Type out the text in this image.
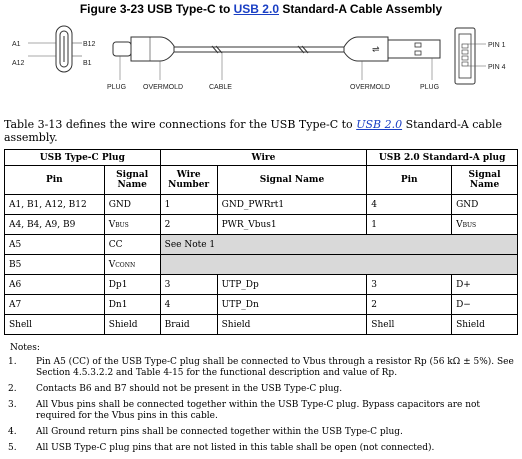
Figure 3-23 USB Type-C to USB 2.0 Standard-A Cable Assembly
A1
A12
B12
B1
⇌	PIN 1
PIN 4
PLUG OVERMOLD	CABLE	OVERMOLD	PLUG
Table 3-13 defines the wire connections for the USB Type-C to USB 2.0 Standard-A cable assembly.
USB Type-C Plug		Wire		USB 2.0 Standard-A plug	
Pin	Signal Name	Wire Number	Signal Name	Pin	Signal Name
A1, B1, A12, B12	GND	1	GND_PWRrt1	4	GND
A4, B4, A9, B9	Vbus	2	PWR_Vbus1	1	Vbus
A5	CC	See Note 1			
B5	Vconn				
A6	Dp1	3	UTP_Dp	3	D+
A7	Dn1	4	UTP_Dn	2	D−
Shell	Shield	Braid	Shield	Shell	Shield
Notes:
1. Pin A5 (CC) of the USB Type-C plug shall be connected to Vbus through a resistor Rp (56 kΩ ± 5%). See Section 4.5.3.2.2 and Table 4-15 for the functional description and value of Rp.
2. Contacts B6 and B7 should not be present in the USB Type-C plug.
3. All Vbus pins shall be connected together within the USB Type-C plug. Bypass capacitors are not required for the Vbus pins in this cable.
4. All Ground return pins shall be connected together within the USB Type-C plug.
5. All USB Type-C plug pins that are not listed in this table shall be open (not connected).
